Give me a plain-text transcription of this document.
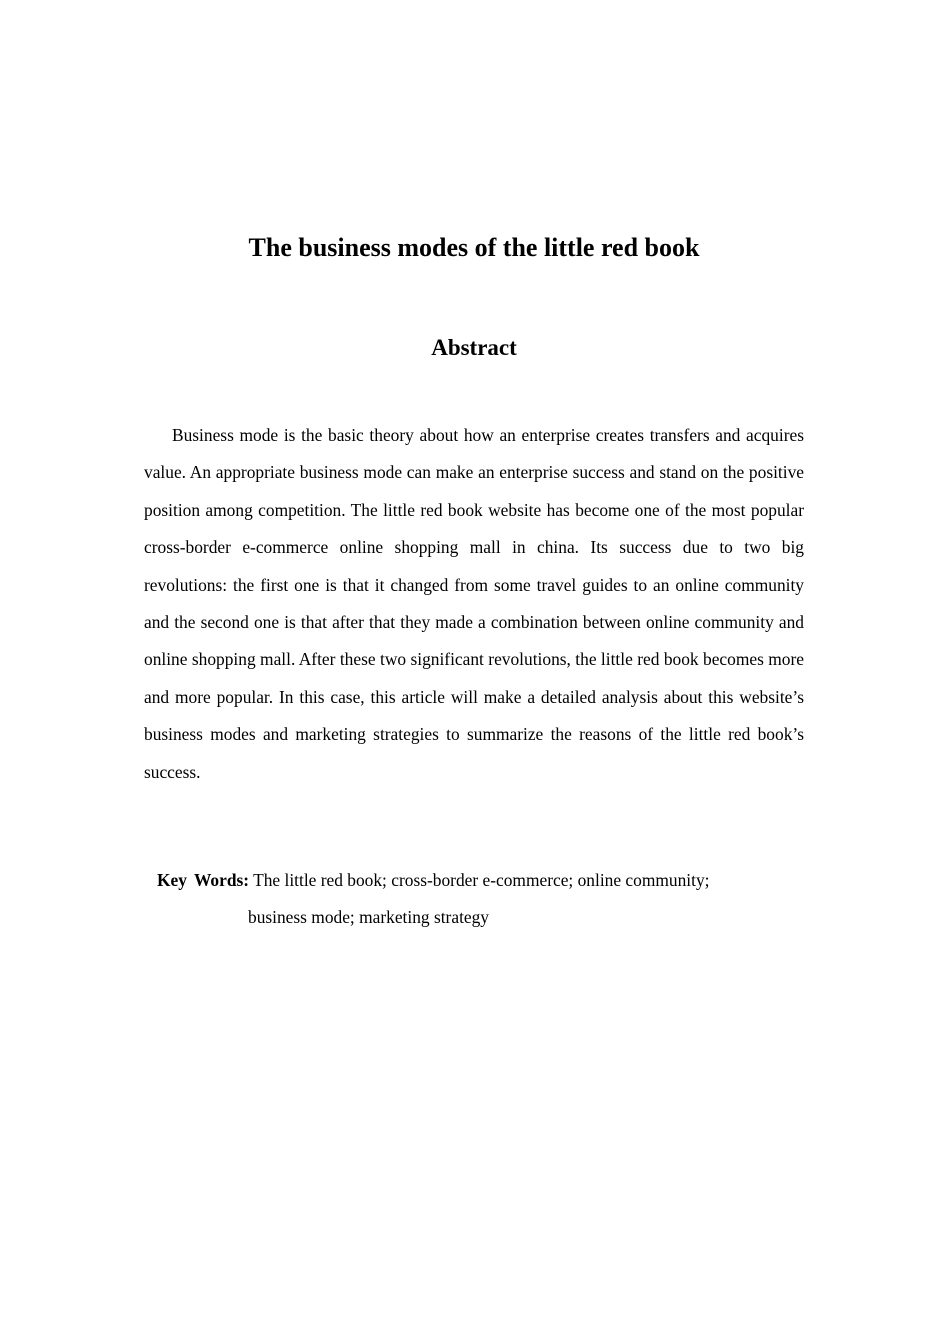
The business modes of the little red book
Abstract

Business mode is the basic theory about how an enterprise creates transfers and acquires value. An appropriate business mode can make an enterprise success and stand on the positive position among competition. The little red book website has become one of the most popular cross-border e-commerce online shopping mall in china. Its success due to two big revolutions: the first one is that it changed from some travel guides to an online community and the second one is that after that they made a combination between online community and online shopping mall. After these two significant revolutions, the little red book becomes more and more popular. In this case, this article will make a detailed analysis about this website’s business modes and marketing strategies to summarize the reasons of the little red book’s success.

Key Words: The little red book; cross-border e-commerce; online community;

business mode; marketing strategy
